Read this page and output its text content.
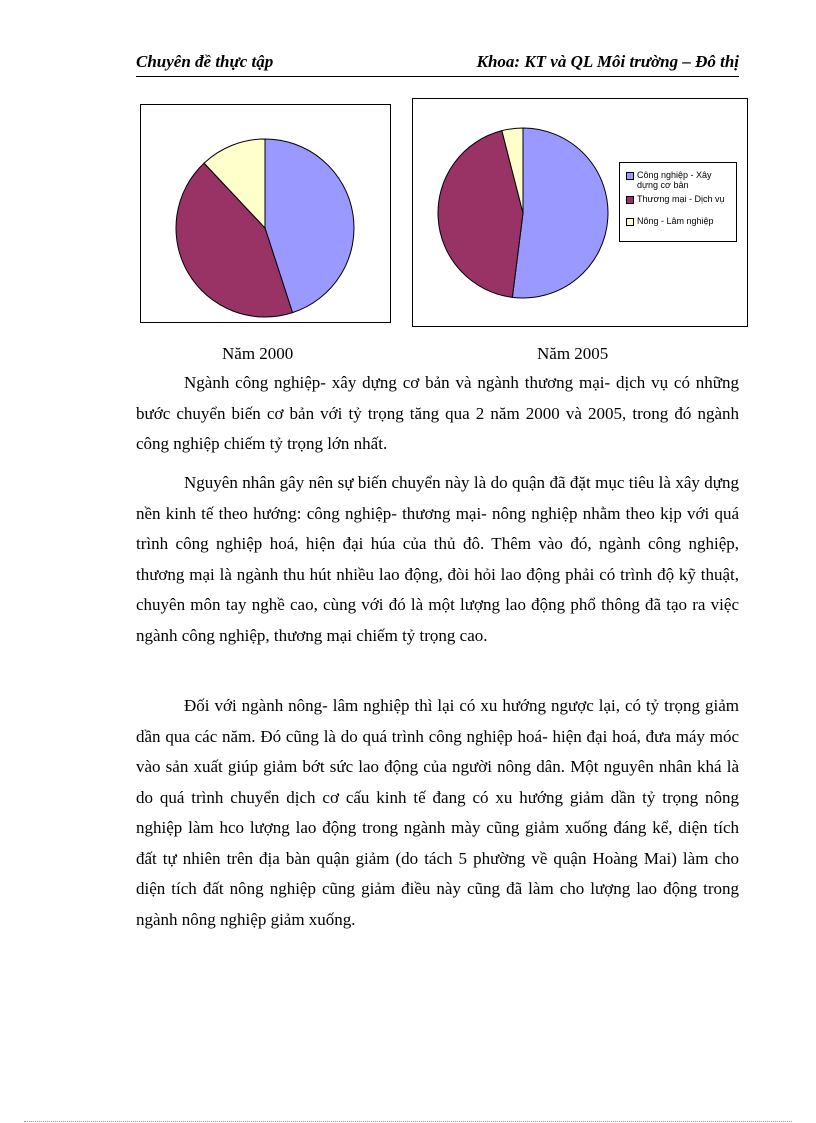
Chuyên đề thực tập	Khoa: KT và QL Môi trường – Đô thị
Công nghiệp - Xây dựng cơ bản
Thương mại - Dịch vụ
Nông - Lâm nghiệp
Năm 2000	Năm 2005

Ngành công nghiệp- xây dựng cơ bản và ngành thương mại- dịch vụ có những bước chuyển biến cơ bản với tỷ trọng tăng qua 2 năm 2000 và 2005, trong đó ngành công nghiệp chiếm tỷ trọng lớn nhất.

Nguyên nhân gây nên sự biến chuyển này là do quận đã đặt mục tiêu là xây dựng nền kinh tế theo hướng: công nghiệp- thương mại- nông nghiệp nhằm theo kịp với quá trình công nghiệp hoá, hiện đại húa của thủ đô. Thêm vào đó, ngành công nghiệp, thương mại là ngành thu hút nhiều lao động, đòi hỏi lao động phải có trình độ kỹ thuật, chuyên môn tay nghề cao, cùng với đó là một lượng lao động phổ thông đã tạo ra việc ngành công nghiệp, thương mại chiếm tỷ trọng cao.

Đối với ngành nông- lâm nghiệp thì lại có xu hướng ngược lại, có tỷ trọng giảm dần qua các năm. Đó cũng là do quá trình công nghiệp hoá- hiện đại hoá, đưa máy móc vào sản xuất giúp giảm bớt sức lao động của người nông dân. Một nguyên nhân khá là do quá trình chuyển dịch cơ cấu kinh tế đang có xu hướng giảm dần tỷ trọng nông nghiệp làm hco lượng lao động trong ngành mày cũng giảm xuống đáng kể, diện tích đất tự nhiên trên địa bàn quận giảm (do tách 5 phường về quận Hoàng Mai) làm cho diện tích đất nông nghiệp cũng giảm điều này cũng đã làm cho lượng lao động trong ngành nông nghiệp giảm xuống.
